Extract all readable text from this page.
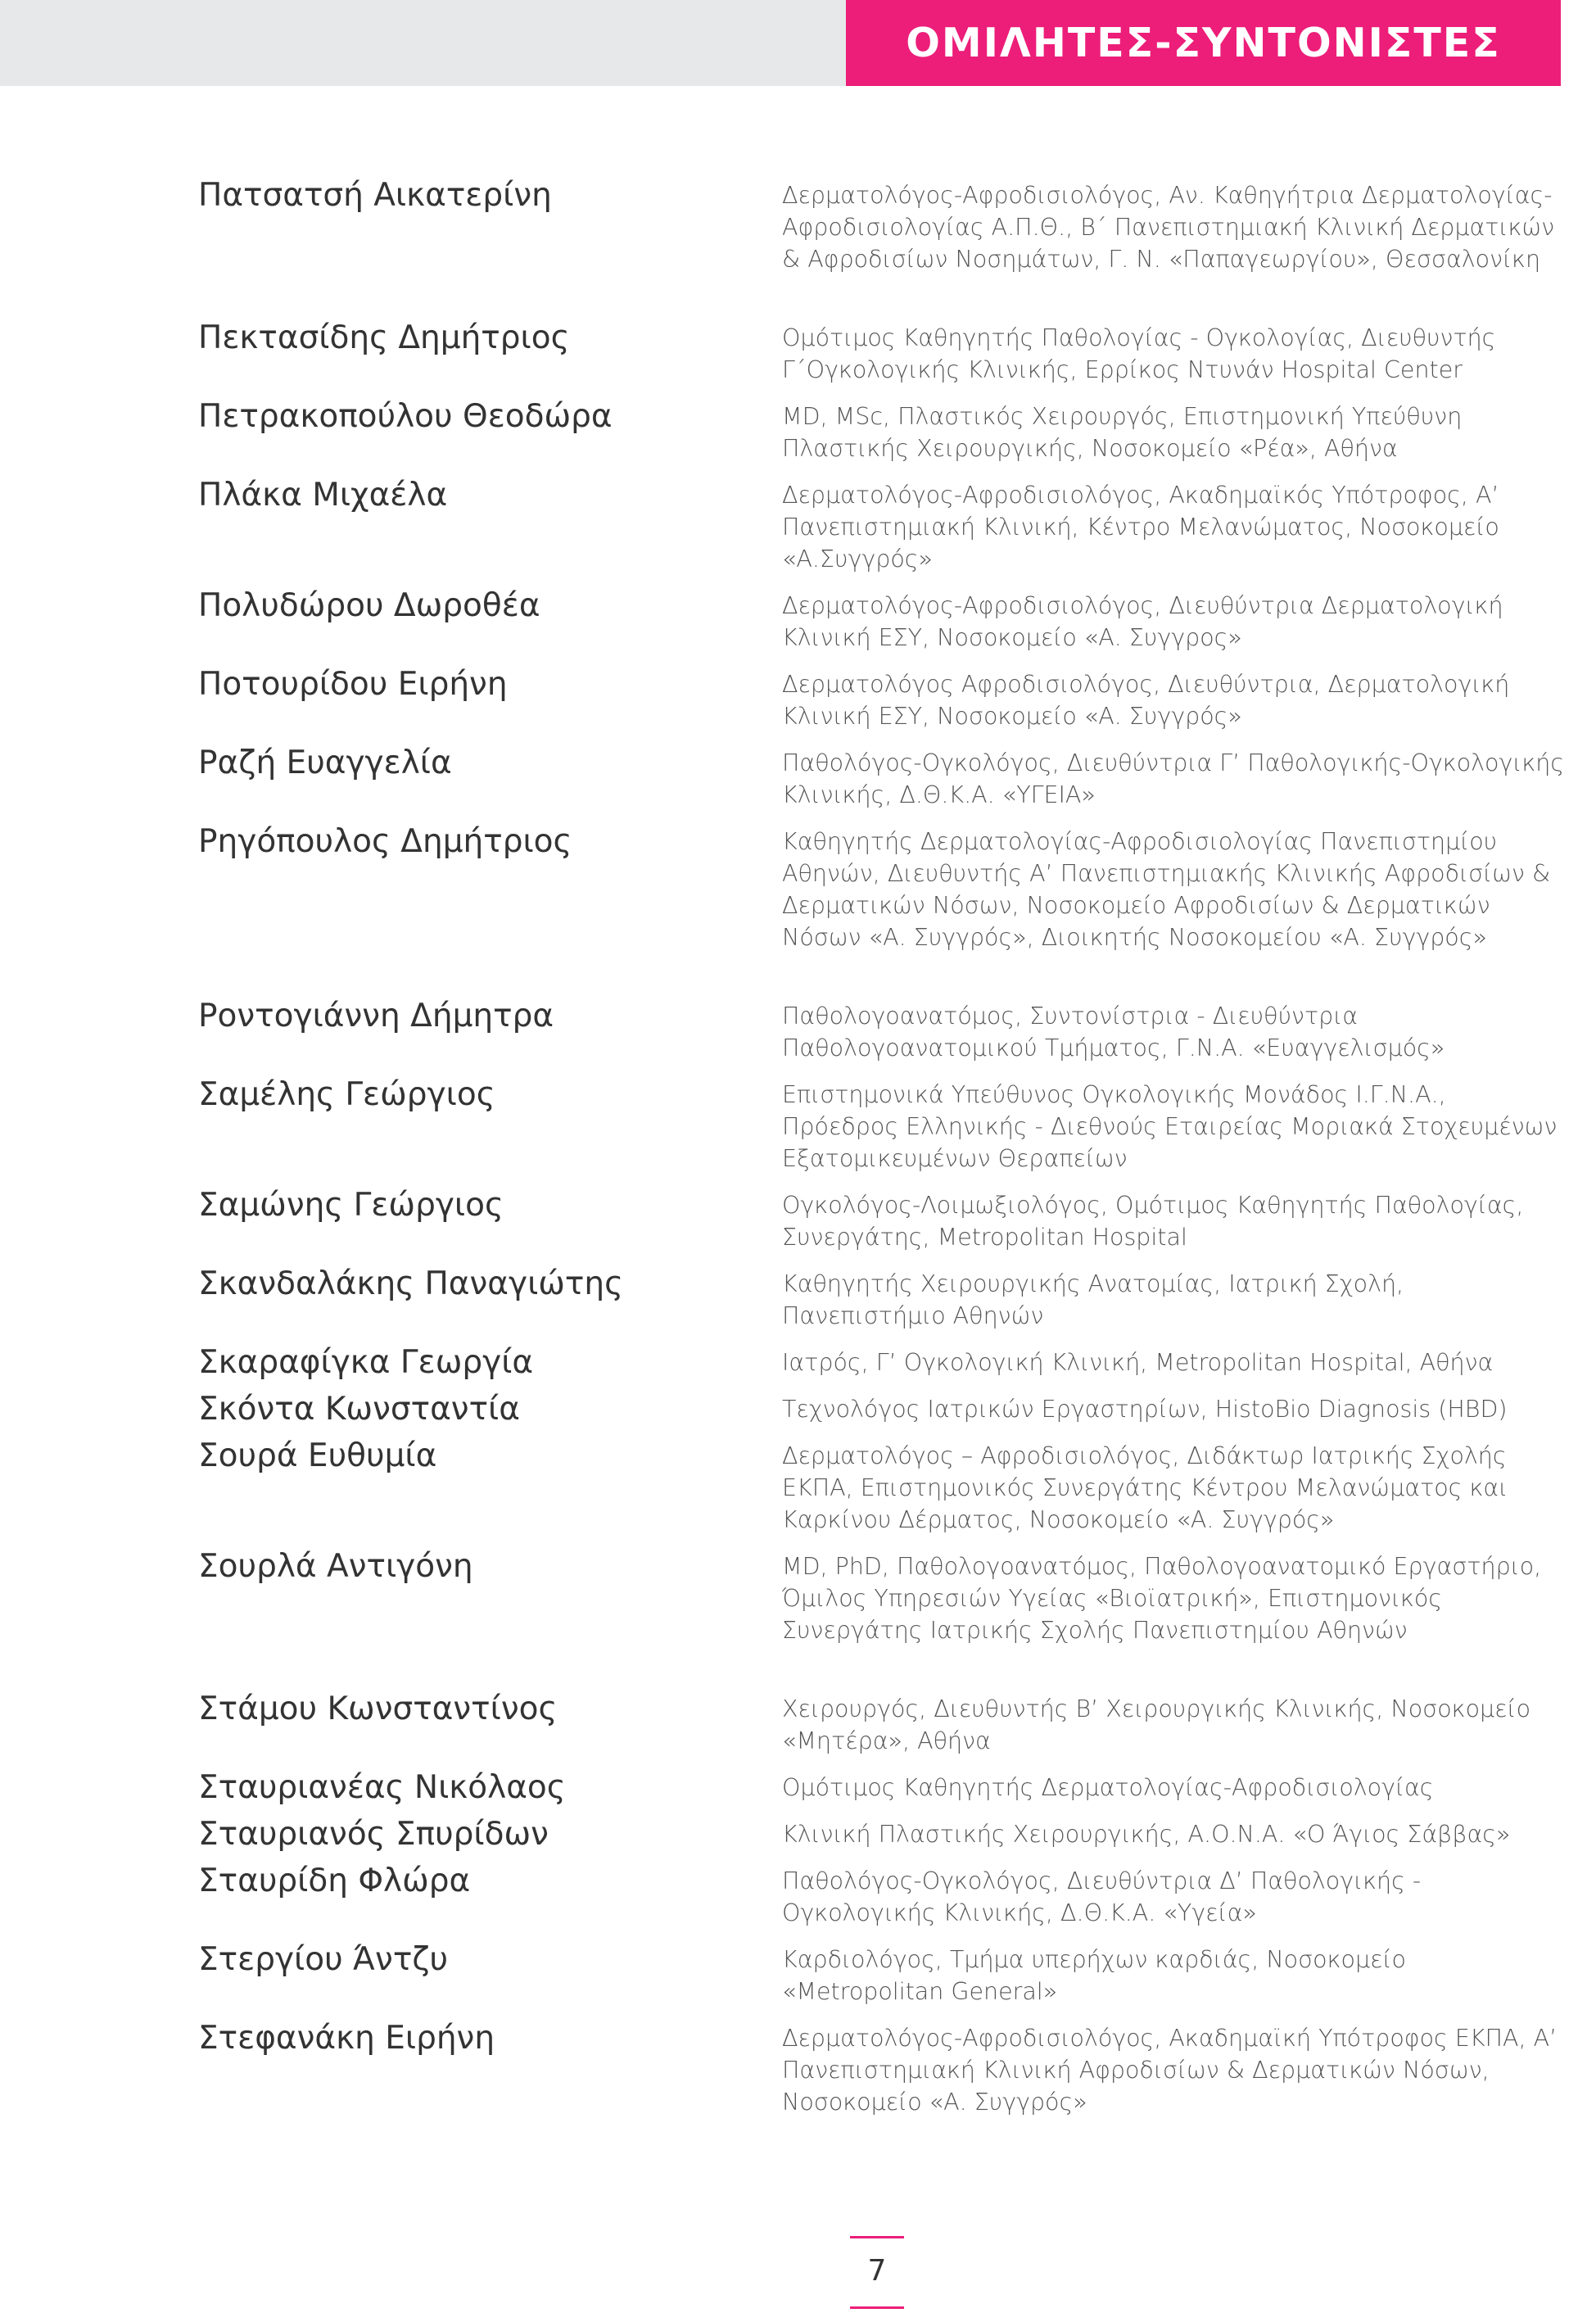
ΟΜΙΛΗΤΕΣ-ΣΥΝΤΟΝΙΣΤΕΣ
Πατσατσή Αικατερίνη	Δερματολόγος-Αφροδισιολόγος, Αν. Καθηγήτρια Δερματολογίας-Αφροδισιολογίας Α.Π.Θ., Β΄ Πανεπιστημιακή Κλινική Δερματικών & Αφροδισίων Νοσημάτων, Γ. Ν. «Παπαγεωργίου», Θεσσαλονίκη
Πεκτασίδης Δημήτριος	Ομότιμος Καθηγητής Παθολογίας - Ογκολογίας, Διευθυντής Γ΄Ογκολογικής Κλινικής, Ερρίκος Ντυνάν Hospital Center
Πετρακοπούλου Θεοδώρα	MD, MSc, Πλαστικός Χειρουργός, Επιστημονική Υπεύθυνη Πλαστικής Χειρουργικής, Νοσοκομείο «Ρέα», Αθήνα
Πλάκα Μιχαέλα	Δερματολόγος-Αφροδισιολόγος, Ακαδημαϊκός Υπότροφος, Α’ Πανεπιστημιακή Κλινική, Κέντρο Μελανώματος, Νοσοκομείο «Α.Συγγρός»
Πολυδώρου Δωροθέα	Δερματολόγος-Αφροδισιολόγος, Διευθύντρια Δερματολογική Κλινική ΕΣΥ, Νοσοκομείο «Α. Συγγρος»
Ποτουρίδου Ειρήνη	Δερματολόγος Αφροδισιολόγος, Διευθύντρια, Δερματολογική Κλινική ΕΣΥ, Νοσοκομείο «Α. Συγγρός»
Ραζή Ευαγγελία	Παθολόγος-Ογκολόγος, Διευθύντρια Γ’ Παθολογικής-Ογκολογικής Κλινικής, Δ.Θ.Κ.Α. «ΥΓΕΙΑ»
Ρηγόπουλος Δημήτριος	Καθηγητής Δερματολογίας-Αφροδισιολογίας Πανεπιστημίου Αθηνών, Διευθυντής Α’ Πανεπιστημιακής Κλινικής Αφροδισίων & Δερματικών Νόσων, Νοσοκομείο Αφροδισίων & Δερματικών Νόσων «Α. Συγγρός», Διοικητής Νοσοκομείου «Α. Συγγρός»
Ροντογιάννη Δήμητρα	Παθολογοανατόμος, Συντονίστρια - Διευθύντρια Παθολογοανατομικού Τμήματος, Γ.Ν.Α. «Ευαγγελισμός»
Σαμέλης Γεώργιος	Επιστημονικά Υπεύθυνος Ογκολογικής Μονάδος Ι.Γ.Ν.Α., Πρόεδρος Ελληνικής - Διεθνούς Εταιρείας Μοριακά Στοχευμένων Εξατομικευμένων Θεραπείων
Σαμώνης Γεώργιος	Ογκολόγος-Λοιμωξιολόγος, Ομότιμος Καθηγητής Παθολογίας, Συνεργάτης, Metropolitan Hospital
Σκανδαλάκης Παναγιώτης	Καθηγητής Χειρουργικής Ανατομίας, Ιατρική Σχολή, Πανεπιστήμιο Αθηνών
Σκαραφίγκα Γεωργία	Ιατρός, Γ’ Ογκολογική Κλινική, Metropolitan Hospital, Αθήνα
Σκόντα Κωνσταντία	Τεχνολόγος Ιατρικών Εργαστηρίων, HistoBio Diagnosis (HBD)
Σουρά Ευθυμία	Δερματολόγος – Αφροδισιολόγος, Διδάκτωρ Ιατρικής Σχολής ΕΚΠΑ, Επιστημονικός Συνεργάτης Κέντρου Μελανώματος και Καρκίνου Δέρματος, Νοσοκομείο «Α. Συγγρός»
Σουρλά Αντιγόνη	MD, PhD, Παθολογοανατόμος, Παθολογοανατομικό Εργαστήριο, Όμιλος Υπηρεσιών Υγείας «Βιοϊατρική», Επιστημονικός Συνεργάτης Ιατρικής Σχολής Πανεπιστημίου Αθηνών
Στάμου Κωνσταντίνος	Χειρουργός, Διευθυντής Β’ Χειρουργικής Κλινικής, Νοσοκομείο «Μητέρα», Αθήνα
Σταυριανέας Νικόλαος	Ομότιμος Καθηγητής Δερματολογίας-Αφροδισιολογίας
Σταυριανός Σπυρίδων	Κλινική Πλαστικής Χειρουργικής, Α.Ο.Ν.Α. «Ο Άγιος Σάββας»
Σταυρίδη Φλώρα	Παθολόγος-Ογκολόγος, Διευθύντρια Δ’ Παθολογικής - Ογκολογικής Κλινικής, Δ.Θ.Κ.Α. «Υγεία»
Στεργίου Άντζυ	Καρδιολόγος, Τμήμα υπερήχων καρδιάς, Νοσοκομείο «Metropolitan General»
Στεφανάκη Ειρήνη	Δερματολόγος-Αφροδισιολόγος, Ακαδημαϊκή Υπότροφος ΕΚΠΑ, Α’ Πανεπιστημιακή Κλινική Αφροδισίων & Δερματικών Νόσων, Νοσοκομείο «Α. Συγγρός»
7
